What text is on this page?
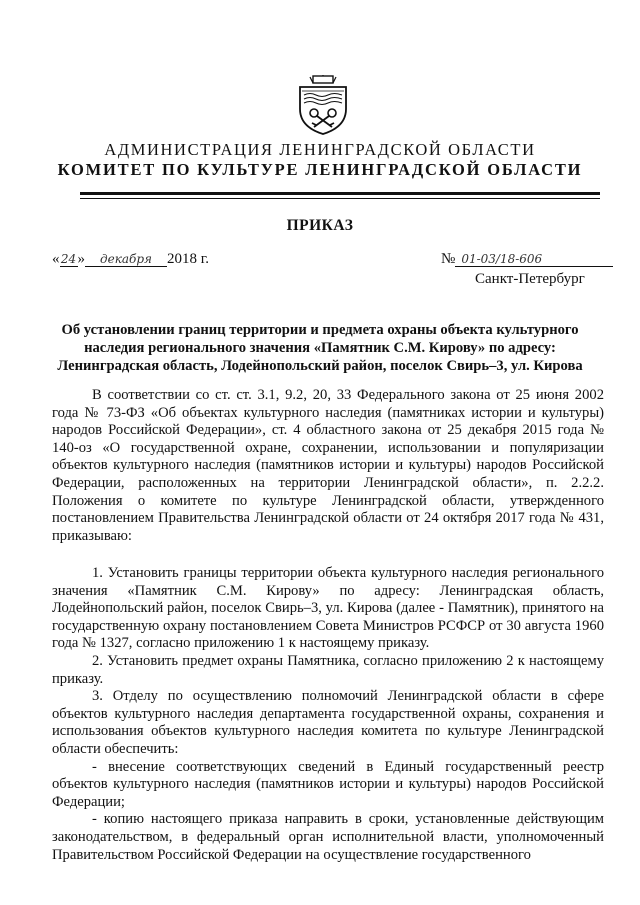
АДМИНИСТРАЦИЯ ЛЕНИНГРАДСКОЙ ОБЛАСТИ
КОМИТЕТ ПО КУЛЬТУРЕ ЛЕНИНГРАДСКОЙ ОБЛАСТИ
ПРИКАЗ
«24» декабря 2018 г.	№ 01-03/18-606
Санкт-Петербург
Об установлении границ территории и предмета охраны объекта культурного наследия регионального значения «Памятник С.М. Кирову» по адресу: Ленинградская область, Лодейнопольский район, поселок Свирь–3, ул. Кирова

В соответствии со ст. ст. 3.1, 9.2, 20, 33 Федерального закона от 25 июня 2002 года № 73-ФЗ «Об объектах культурного наследия (памятниках истории и культуры) народов Российской Федерации», ст. 4 областного закона от 25 декабря 2015 года № 140-оз «О государственной охране, сохранении, использовании и популяризации объектов культурного наследия (памятников истории и культуры) народов Российской Федерации, расположенных на территории Ленинградской области», п. 2.2.2. Положения о комитете по культуре Ленинградской области, утвержденного постановлением Правительства Ленинградской области от 24 октября 2017 года № 431, приказываю:

1. Установить границы территории объекта культурного наследия регионального значения «Памятник С.М. Кирову» по адресу: Ленинградская область, Лодейнопольский район, поселок Свирь–3, ул. Кирова (далее - Памятник), принятого на государственную охрану постановлением Совета Министров РСФСР от 30 августа 1960 года № 1327, согласно приложению 1 к настоящему приказу.

2. Установить предмет охраны Памятника, согласно приложению 2 к настоящему приказу.

3. Отделу по осуществлению полномочий Ленинградской области в сфере объектов культурного наследия департамента государственной охраны, сохранения и использования объектов культурного наследия комитета по культуре Ленинградской области обеспечить:

- внесение соответствующих сведений в Единый государственный реестр объектов культурного наследия (памятников истории и культуры) народов Российской Федерации;

- копию настоящего приказа направить в сроки, установленные действующим законодательством, в федеральный орган исполнительной власти, уполномоченный Правительством Российской Федерации на осуществление государственного
